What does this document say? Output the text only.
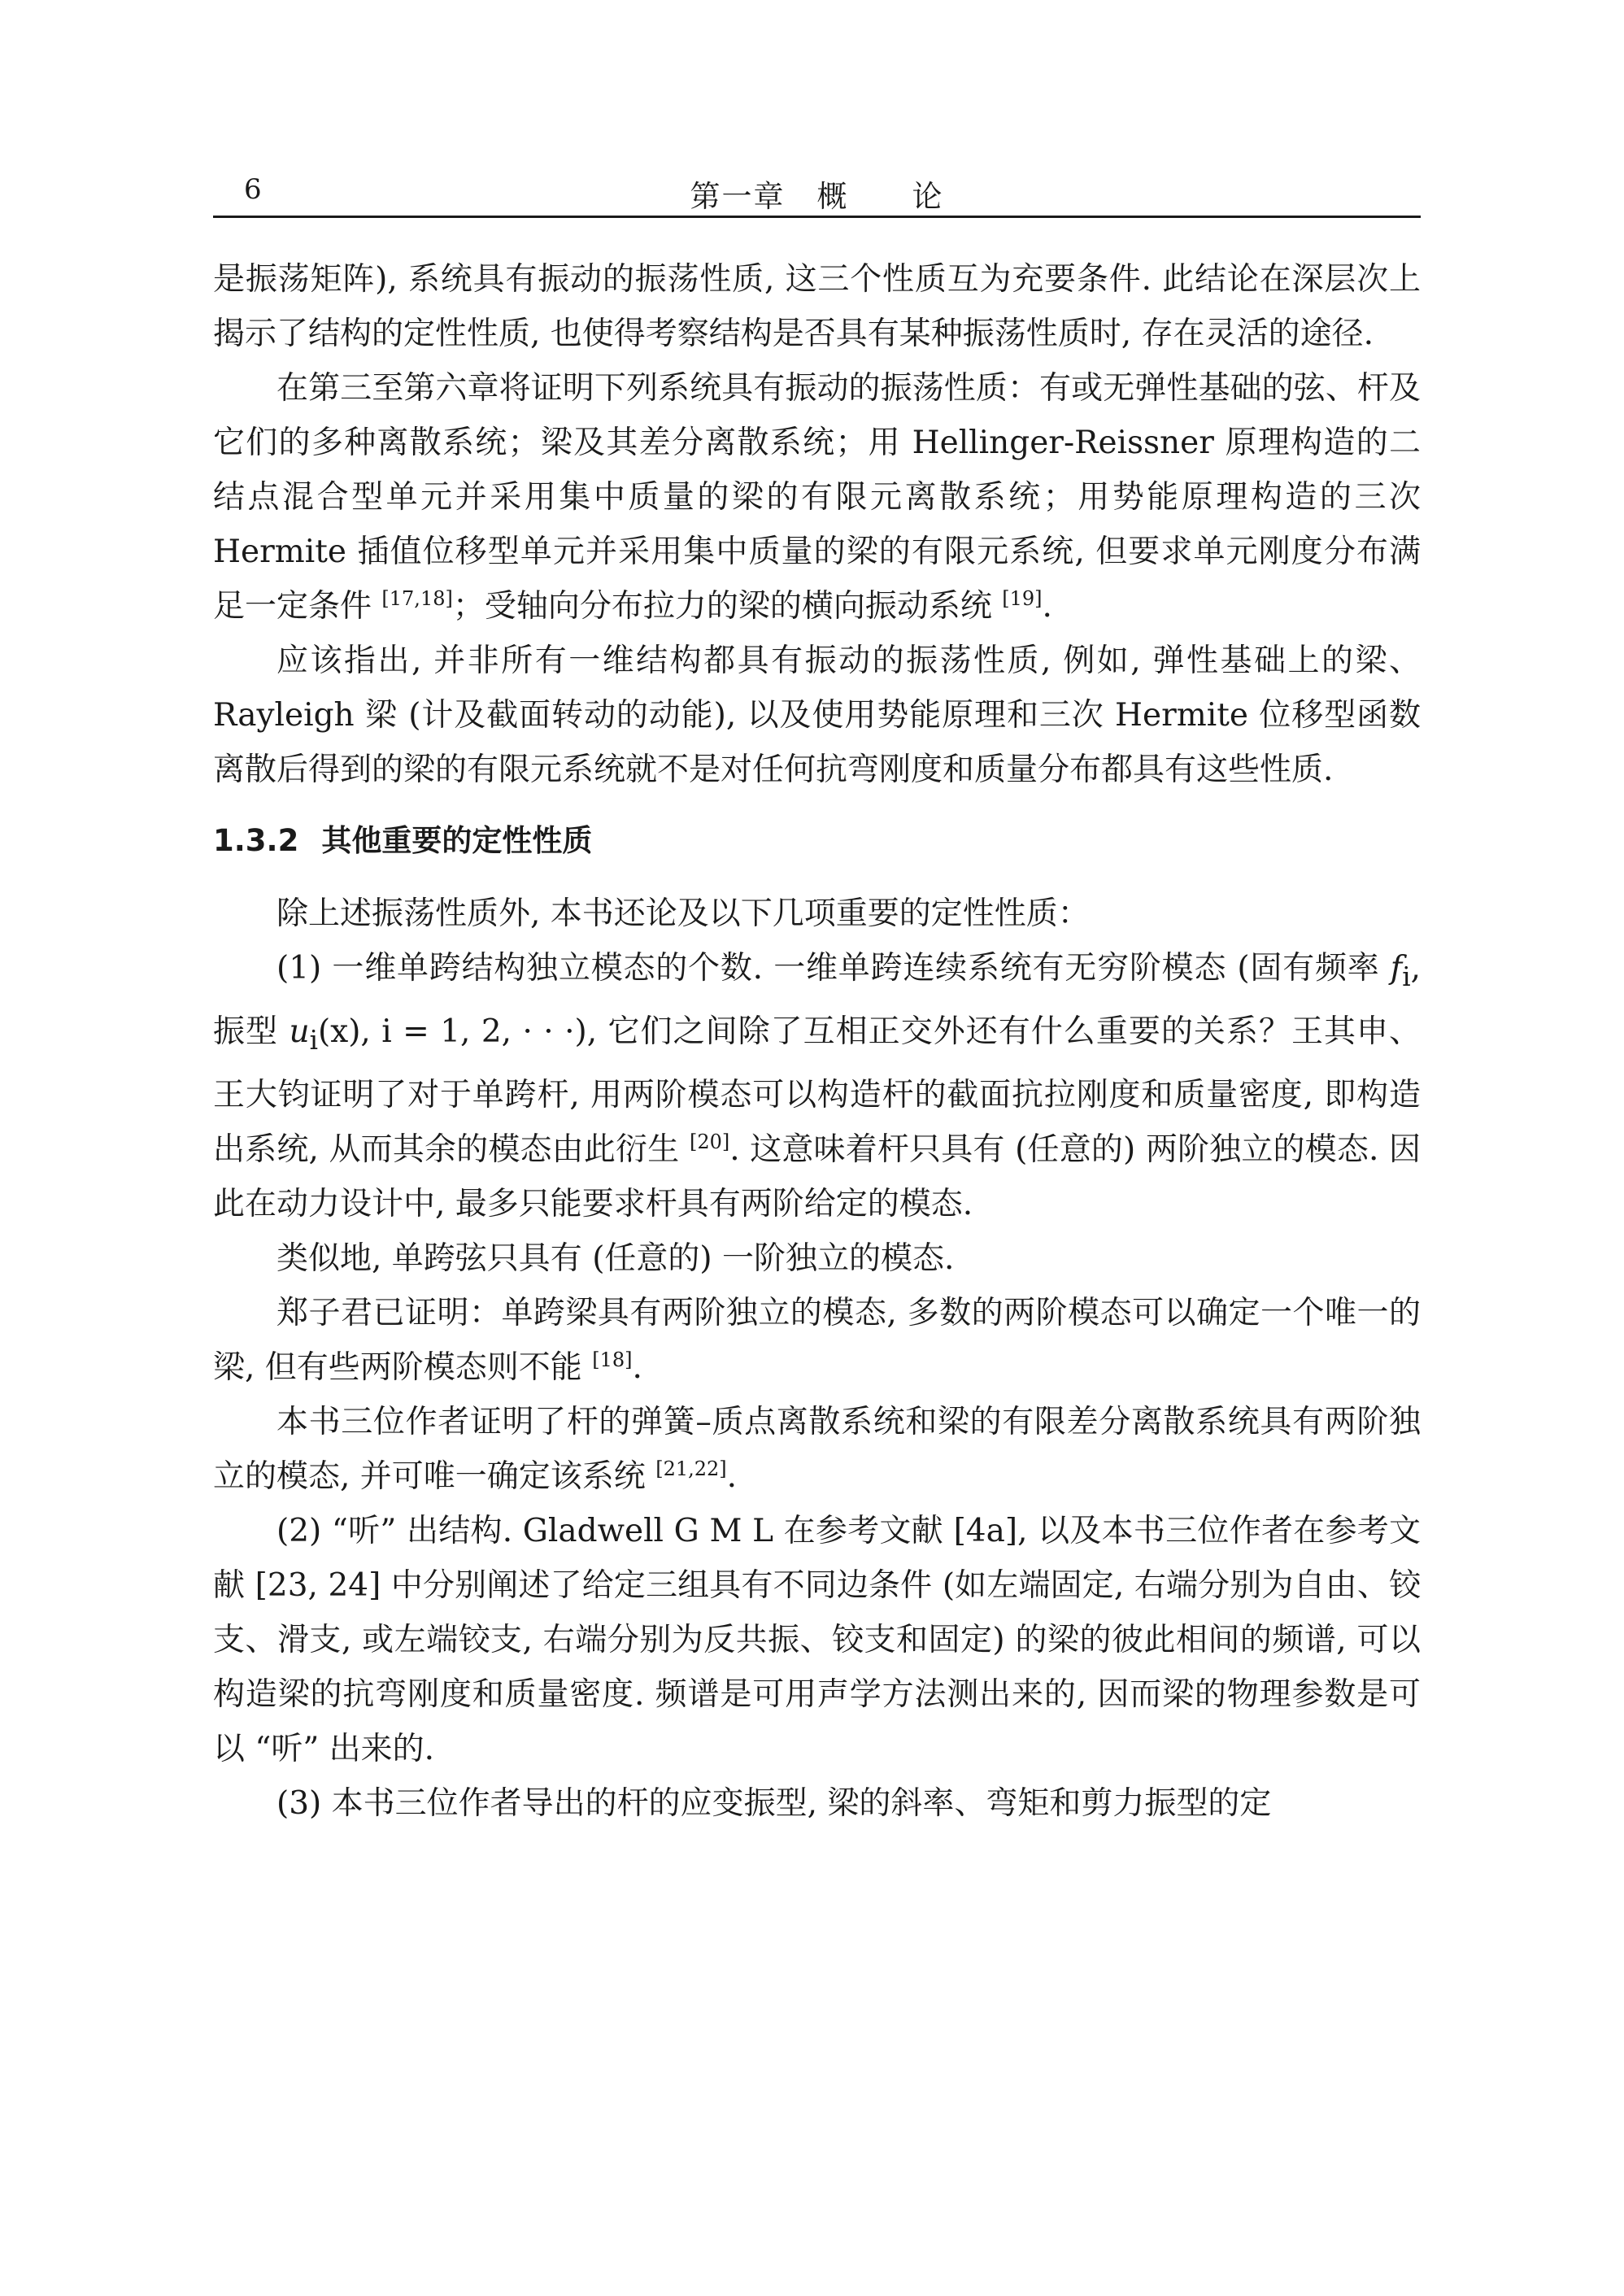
6	第一章　概　　论

是振荡矩阵), 系统具有振动的振荡性质, 这三个性质互为充要条件. 此结论在深层次上揭示了结构的定性性质, 也使得考察结构是否具有某种振荡性质时, 存在灵活的途径.

在第三至第六章将证明下列系统具有振动的振荡性质：有或无弹性基础的弦、杆及它们的多种离散系统；梁及其差分离散系统；用 Hellinger-Reissner 原理构造的二结点混合型单元并采用集中质量的梁的有限元离散系统；用势能原理构造的三次 Hermite 插值位移型单元并采用集中质量的梁的有限元系统, 但要求单元刚度分布满足一定条件 [17,18]；受轴向分布拉力的梁的横向振动系统 [19].

应该指出, 并非所有一维结构都具有振动的振荡性质, 例如, 弹性基础上的梁、Rayleigh 梁 (计及截面转动的动能), 以及使用势能原理和三次 Hermite 位移型函数离散后得到的梁的有限元系统就不是对任何抗弯刚度和质量分布都具有这些性质.

1.3.2 其他重要的定性性质

除上述振荡性质外, 本书还论及以下几项重要的定性性质：

(1) 一维单跨结构独立模态的个数. 一维单跨连续系统有无穷阶模态 (固有频率 $f_i$, 振型 $u_i(x)$, i = 1, 2, · · ·), 它们之间除了互相正交外还有什么重要的关系？王其申、王大钧证明了对于单跨杆, 用两阶模态可以构造杆的截面抗拉刚度和质量密度, 即构造出系统, 从而其余的模态由此衍生 [20]. 这意味着杆只具有 (任意的) 两阶独立的模态. 因此在动力设计中, 最多只能要求杆具有两阶给定的模态.

类似地, 单跨弦只具有 (任意的) 一阶独立的模态.

郑子君已证明：单跨梁具有两阶独立的模态, 多数的两阶模态可以确定一个唯一的梁, 但有些两阶模态则不能 [18].

本书三位作者证明了杆的弹簧–质点离散系统和梁的有限差分离散系统具有两阶独立的模态, 并可唯一确定该系统 [21,22].

(2) “听” 出结构. Gladwell G M L 在参考文献 [4a], 以及本书三位作者在参考文献 [23, 24] 中分别阐述了给定三组具有不同边条件 (如左端固定, 右端分别为自由、铰支、滑支, 或左端铰支, 右端分别为反共振、铰支和固定) 的梁的彼此相间的频谱, 可以构造梁的抗弯刚度和质量密度. 频谱是可用声学方法测出来的, 因而梁的物理参数是可以 “听” 出来的.

(3) 本书三位作者导出的杆的应变振型, 梁的斜率、弯矩和剪力振型的定
